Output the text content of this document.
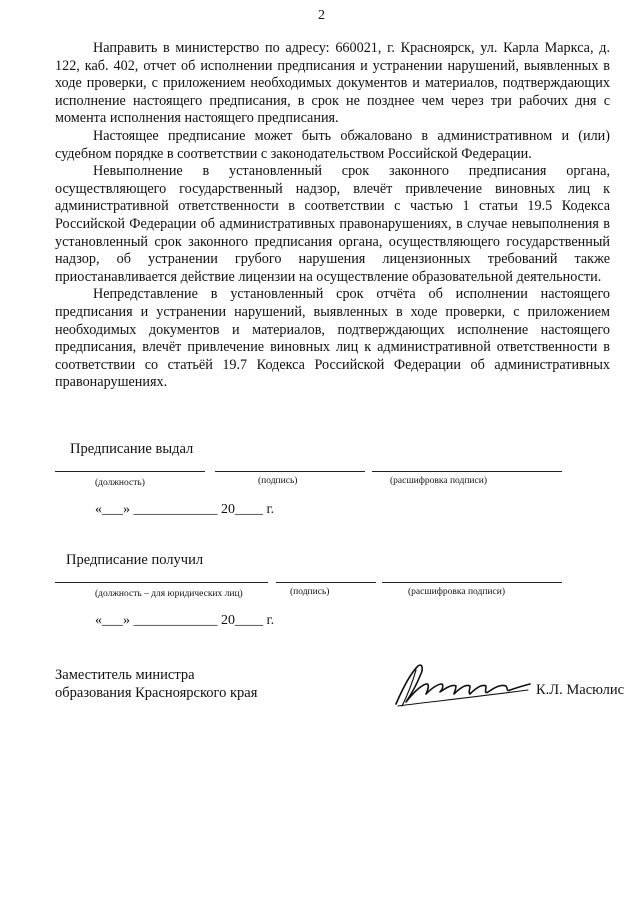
2

Направить в министерство по адресу: 660021, г. Красноярск, ул. Карла Маркса, д. 122, каб. 402, отчет об исполнении предписания и устранении нарушений, выявленных в ходе проверки, с приложением необходимых документов и материалов, подтверждающих исполнение настоящего предписания, в срок не позднее чем через три рабочих дня с момента исполнения настоящего предписания.

Настоящее предписание может быть обжаловано в административном и (или) судебном порядке в соответствии с законодательством Российской Федерации.

Невыполнение в установленный срок законного предписания органа, осуществляющего государственный надзор, влечёт привлечение виновных лиц к административной ответственности в соответствии с частью 1 статьи 19.5 Кодекса Российской Федерации об административных правонарушениях, в случае невыполнения в установленный срок законного предписания органа, осуществляющего государственный надзор, об устранении грубого нарушения лицензионных требований также приостанавливается действие лицензии на осуществление образовательной деятельности.

Непредставление в установленный срок отчёта об исполнении настоящего предписания и устранении нарушений, выявленных в ходе проверки, с приложением необходимых документов и материалов, подтверждающих исполнение настоящего предписания, влечёт привлечение виновных лиц к административной ответственности в соответствии со статьёй 19.7 Кодекса Российской Федерации об административных правонарушениях.

Предписание выдал
(должность)	(подпись)	(расшифровка подписи)
«___» ____________ 20____ г.
Предписание получил
(должность – для юридических лиц)	(подпись)	(расшифровка подписи)
«___» ____________ 20____ г.
Заместитель министра
образования Красноярского края	К.Л. Масюлис
